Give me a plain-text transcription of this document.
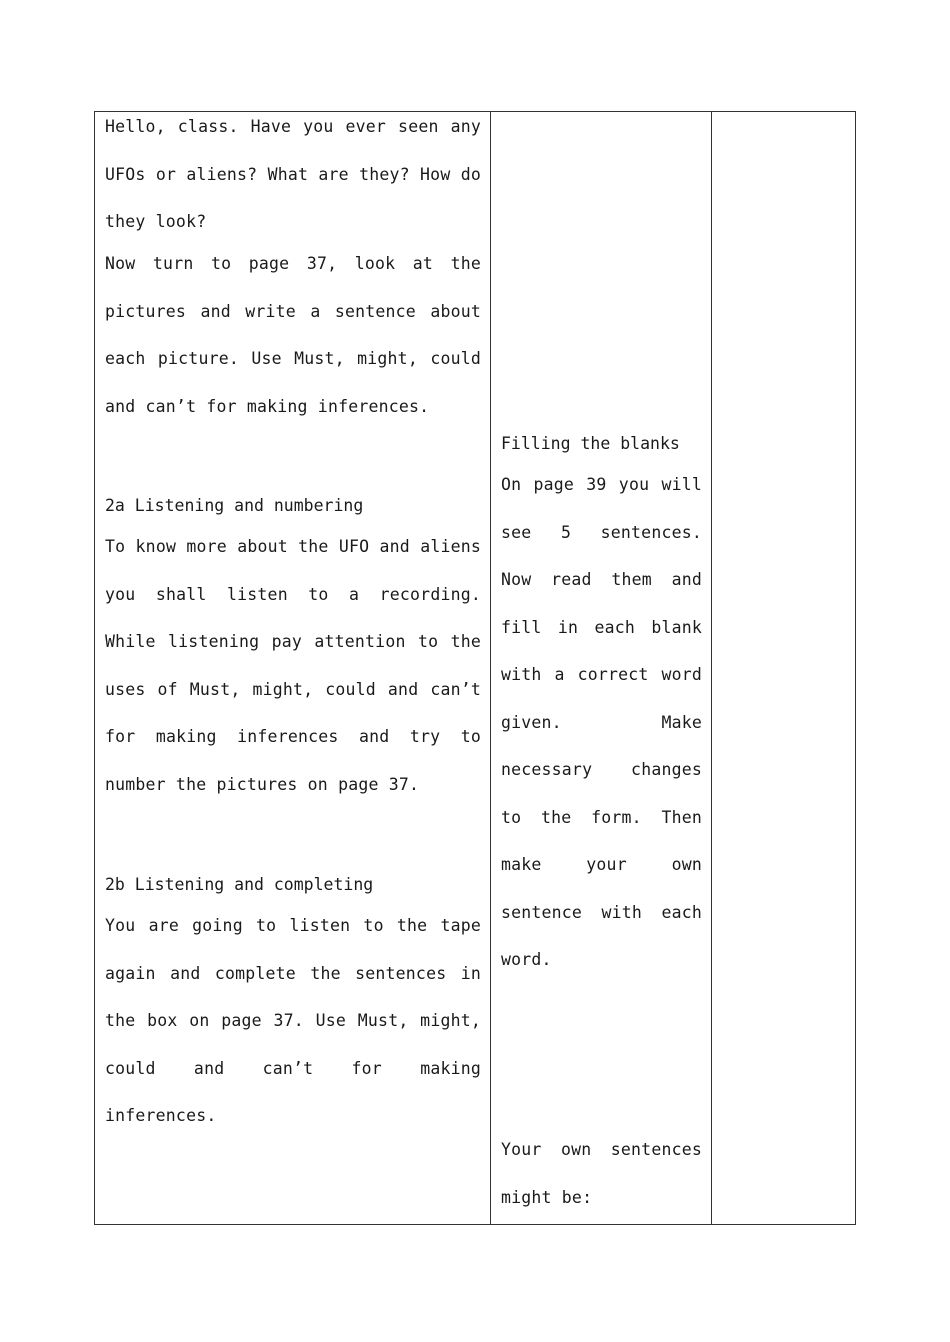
Hello, class. Have you ever seen any UFOs or aliens? What are they? How do they look?
Now turn to page 37, look at the pictures and write a sentence about each picture. Use Must, might, could and can’t for making inferences.
2a Listening and numbering
To know more about the UFO and aliens you shall listen to a recording. While listening pay attention to the uses of Must, might, could and can’t for making inferences and try to number the pictures on page 37.
2b Listening and completing
You are going to listen to the tape again and complete the sentences in the box on page 37. Use Must, might, could and can’t for making inferences.
Filling the blanks
On page 39 you will see 5 sentences. Now read them and fill in each blank with a correct word given. Make necessary changes to the form. Then make your own sentence with each word.
Your own sentences might be:
